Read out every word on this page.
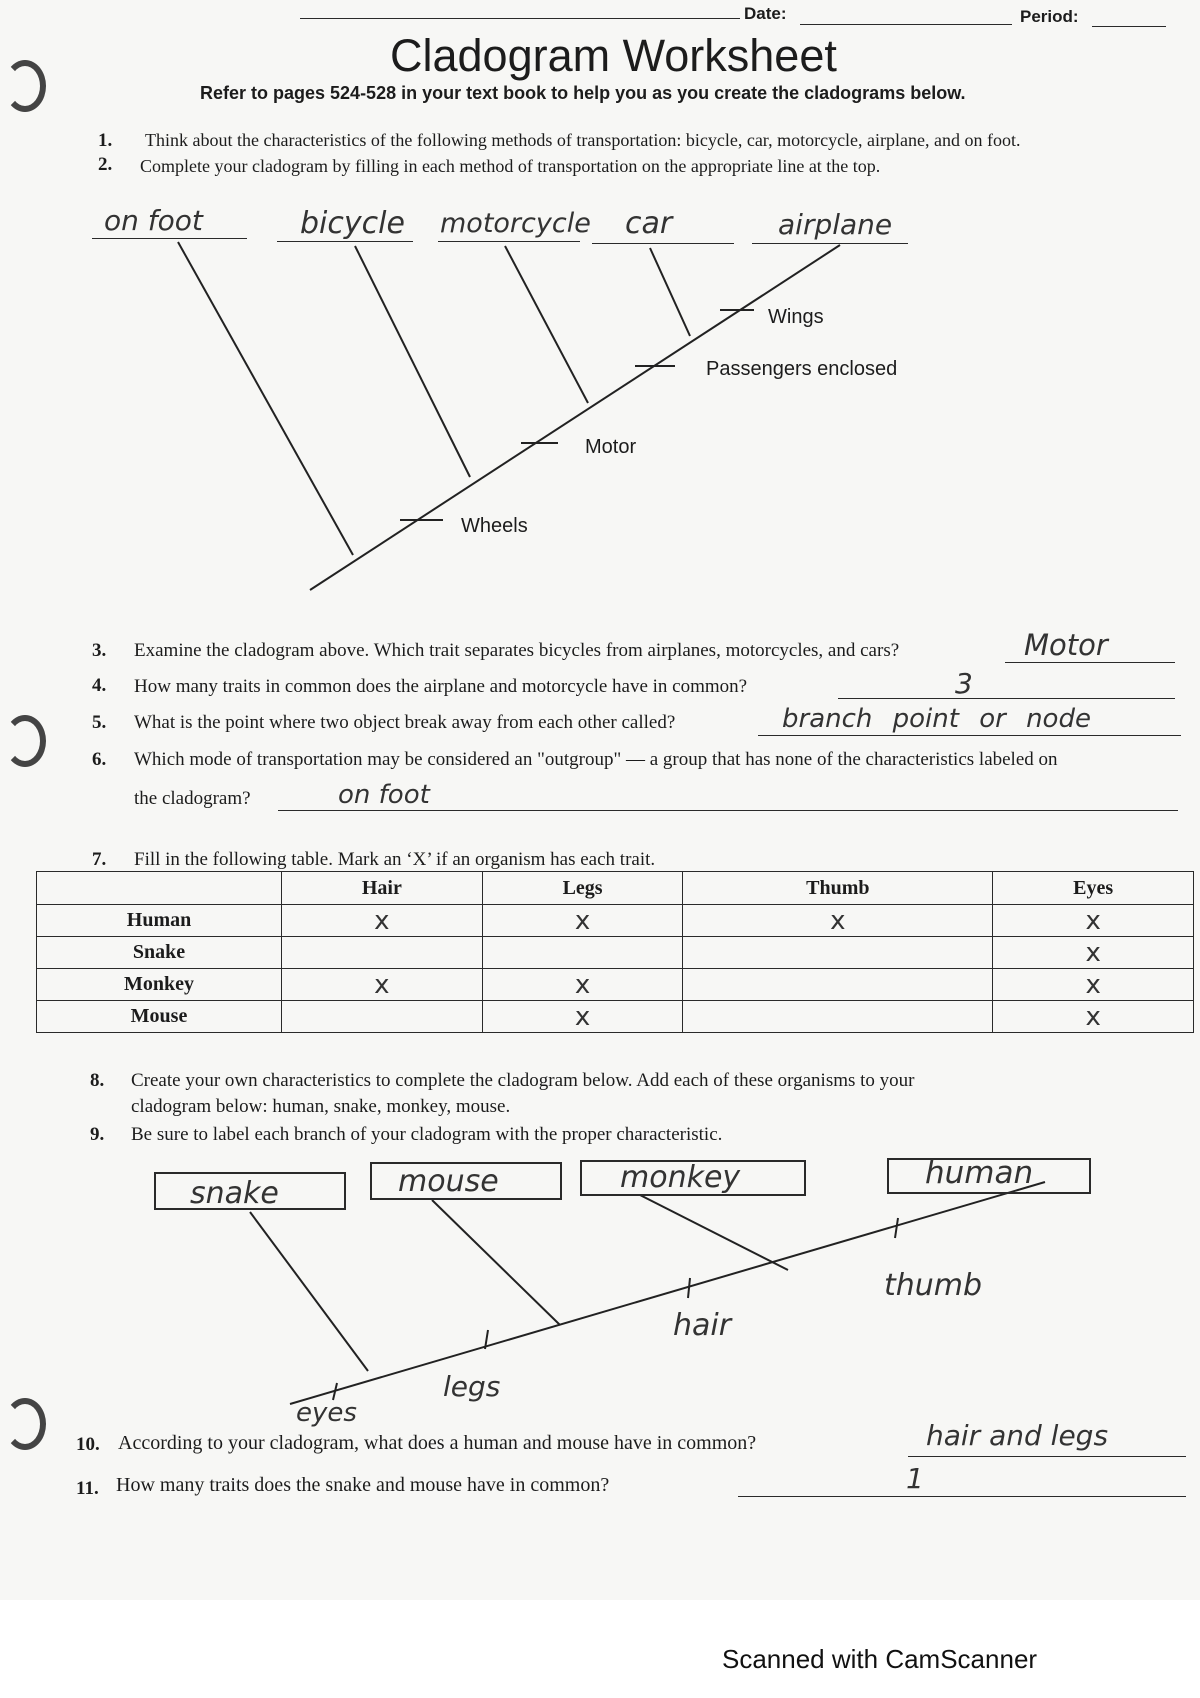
Date:	Period:
Cladogram Worksheet
Refer to pages 524-528 in your text book to help you as you create the cladograms below.
1. Think about the characteristics of the following methods of transportation: bicycle, car, motorcycle, airplane, and on foot.
2. Complete your cladogram by filling in each method of transportation on the appropriate line at the top.
on foot	bicycle motorcycle car	airplane
Wings
Passengers enclosed
Motor
Wheels
3. Examine the cladogram above. Which trait separates bicycles from airplanes, motorcycles, and cars?	Motor
4. How many traits in common does the airplane and motorcycle have in common?	3
5. What is the point where two object break away from each other called?	branch point or node
6. Which mode of transportation may be considered an "outgroup" — a group that has none of the characteristics labeled on
the cladogram?	on foot
7. Fill in the following table. Mark an ‘X’ if an organism has each trait.
	Hair	Legs	Thumb	Eyes
Human	x	x	x	x
Snake				x
Monkey	x	x		x
Mouse		x		x
8. Create your own characteristics to complete the cladogram below. Add each of these organisms to your
cladogram below: human, snake, monkey, mouse.
9. Be sure to label each branch of your cladogram with the proper characteristic.
snake	mouse	monkey	human
eyes
legs
hair
thumb
10. According to your cladogram, what does a human and mouse have in common?	hair and legs
11. How many traits does the snake and mouse have in common?	1
Scanned with CamScanner
